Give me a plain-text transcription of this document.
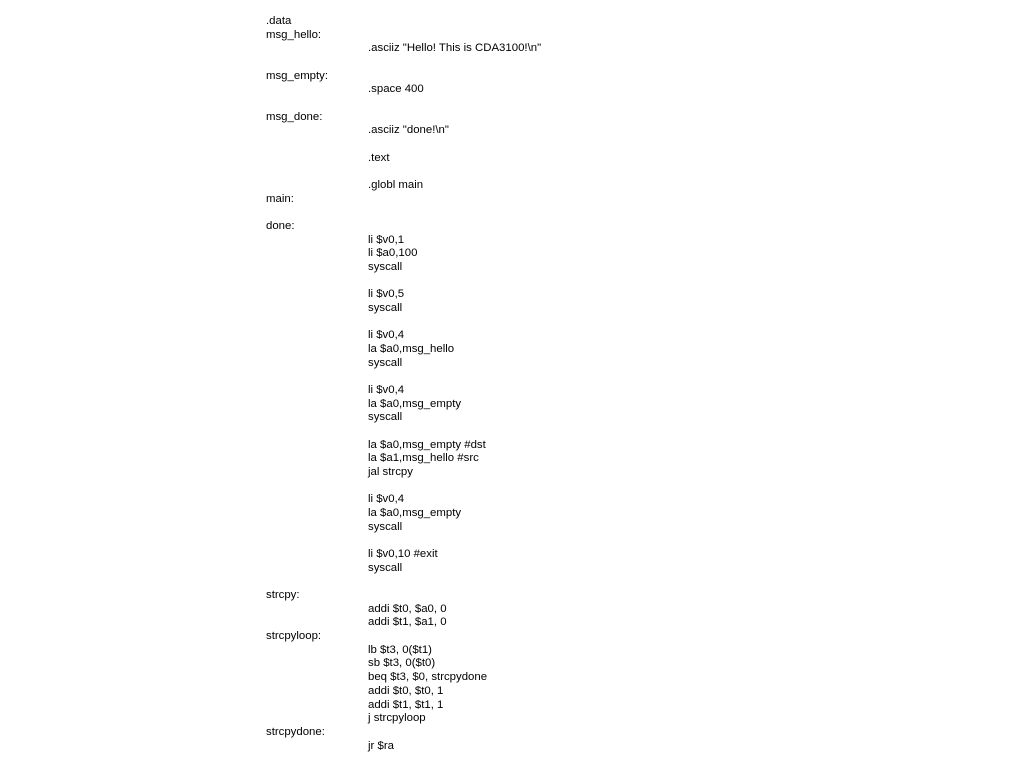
.data
msg_hello:
.asciiz "Hello! This is CDA3100!\n"
msg_empty:
.space 400
msg_done:
.asciiz "done!\n"
.text
.globl main
main:
done:
li $v0,1
li $a0,100
syscall
li $v0,5
syscall
li $v0,4
la $a0,msg_hello
syscall
li $v0,4
la $a0,msg_empty
syscall
la $a0,msg_empty #dst
la $a1,msg_hello #src
jal strcpy
li $v0,4
la $a0,msg_empty
syscall
li $v0,10 #exit
syscall
strcpy:
addi $t0, $a0, 0
addi $t1, $a1, 0
strcpyloop:
lb $t3, 0($t1)
sb $t3, 0($t0)
beq $t3, $0, strcpydone
addi $t0, $t0, 1
addi $t1, $t1, 1
j strcpyloop
strcpydone:
jr $ra
